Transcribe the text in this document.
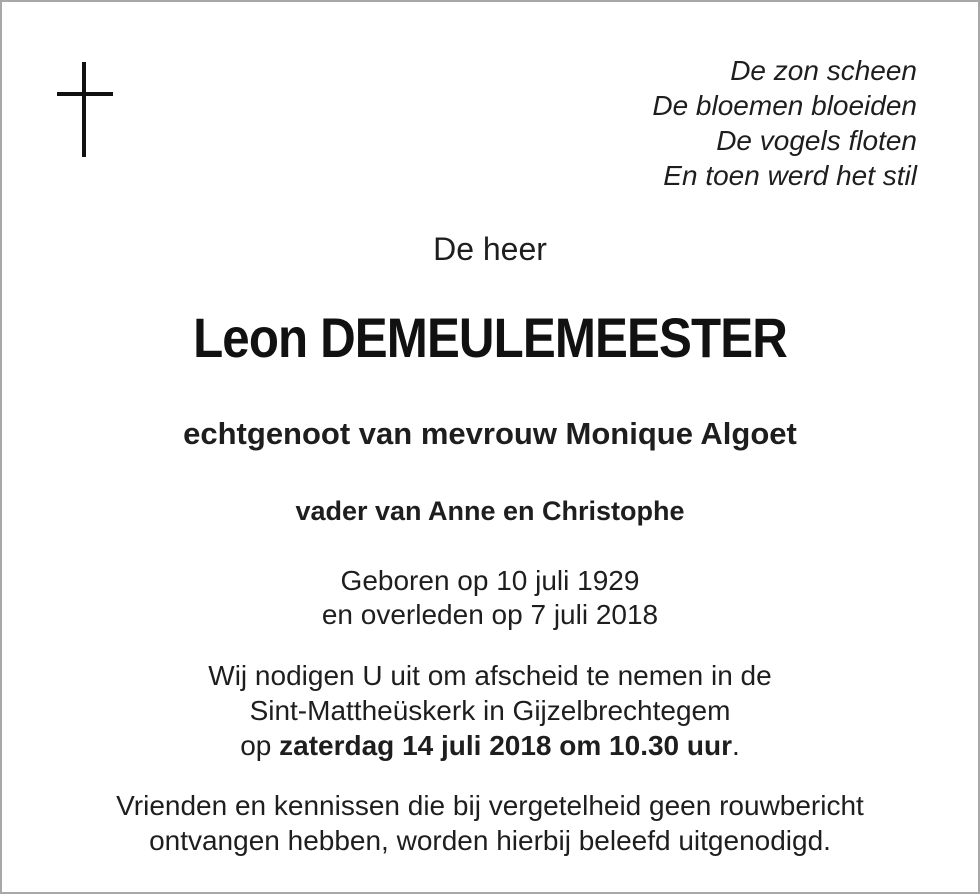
De zon scheen
De bloemen bloeiden
De vogels floten
En toen werd het stil
De heer
Leon DEMEULEMEESTER
echtgenoot van mevrouw Monique Algoet
vader van Anne en Christophe
Geboren op 10 juli 1929
en overleden op 7 juli 2018
Wij nodigen U uit om afscheid te nemen in de
Sint-Mattheüskerk in Gijzelbrechtegem
op zaterdag 14 juli 2018 om 10.30 uur.
Vrienden en kennissen die bij vergetelheid geen rouwbericht
ontvangen hebben, worden hierbij beleefd uitgenodigd.
